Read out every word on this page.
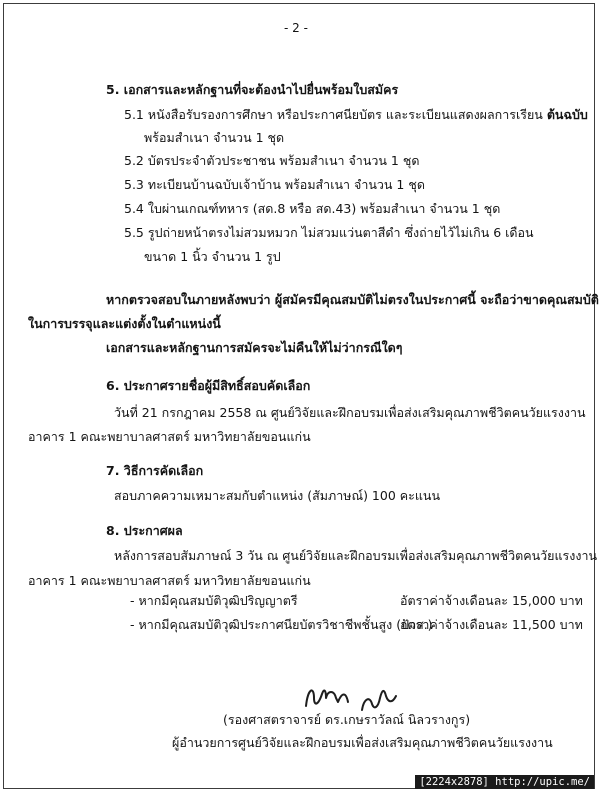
- 2 -
5. เอกสารและหลักฐานที่จะต้องนำไปยื่นพร้อมใบสมัคร
5.1 หนังสือรับรองการศึกษา หรือประกาศนียบัตร และระเบียนแสดงผลการเรียน ต้นฉบับ
พร้อมสำเนา จำนวน 1 ชุด
5.2 บัตรประจำตัวประชาชน พร้อมสำเนา จำนวน 1 ชุด
5.3 ทะเบียนบ้านฉบับเจ้าบ้าน พร้อมสำเนา จำนวน 1 ชุด
5.4 ใบผ่านเกณฑ์ทหาร (สด.8 หรือ สด.43) พร้อมสำเนา จำนวน 1 ชุด
5.5 รูปถ่ายหน้าตรงไม่สวมหมวก ไม่สวมแว่นตาสีดำ ซึ่งถ่ายไว้ไม่เกิน 6 เดือน
ขนาด 1 นิ้ว จำนวน 1 รูป
หากตรวจสอบในภายหลังพบว่า ผู้สมัครมีคุณสมบัติไม่ตรงในประกาศนี้ จะถือว่าขาดคุณสมบัติ
ในการบรรจุและแต่งตั้งในตำแหน่งนี้
เอกสารและหลักฐานการสมัครจะไม่คืนให้ไม่ว่ากรณีใดๆ
6. ประกาศรายชื่อผู้มีสิทธิ์สอบคัดเลือก
วันที่ 21 กรกฎาคม 2558 ณ ศูนย์วิจัยและฝึกอบรมเพื่อส่งเสริมคุณภาพชีวิตคนวัยแรงงาน
อาคาร 1 คณะพยาบาลศาสตร์ มหาวิทยาลัยขอนแก่น
7. วิธีการคัดเลือก
สอบภาคความเหมาะสมกับตำแหน่ง (สัมภาษณ์) 100 คะแนน
8. ประกาศผล
หลังการสอบสัมภาษณ์ 3 วัน ณ ศูนย์วิจัยและฝึกอบรมเพื่อส่งเสริมคุณภาพชีวิตคนวัยแรงงาน
อาคาร 1 คณะพยาบาลศาสตร์ มหาวิทยาลัยขอนแก่น
- หากมีคุณสมบัติวุฒิปริญญาตรี	อัตราค่าจ้างเดือนละ 15,000 บาท
- หากมีคุณสมบัติวุฒิประกาศนียบัตรวิชาชีพชั้นสูง (ปวส.)
อัตราค่าจ้างเดือนละ 11,500 บาท
(รองศาสตราจารย์ ดร.เกษราวัลณ์ นิลวรางกูร)
ผู้อำนวยการศูนย์วิจัยและฝึกอบรมเพื่อส่งเสริมคุณภาพชีวิตคนวัยแรงงาน
[2224x2878] http://upic.me/
